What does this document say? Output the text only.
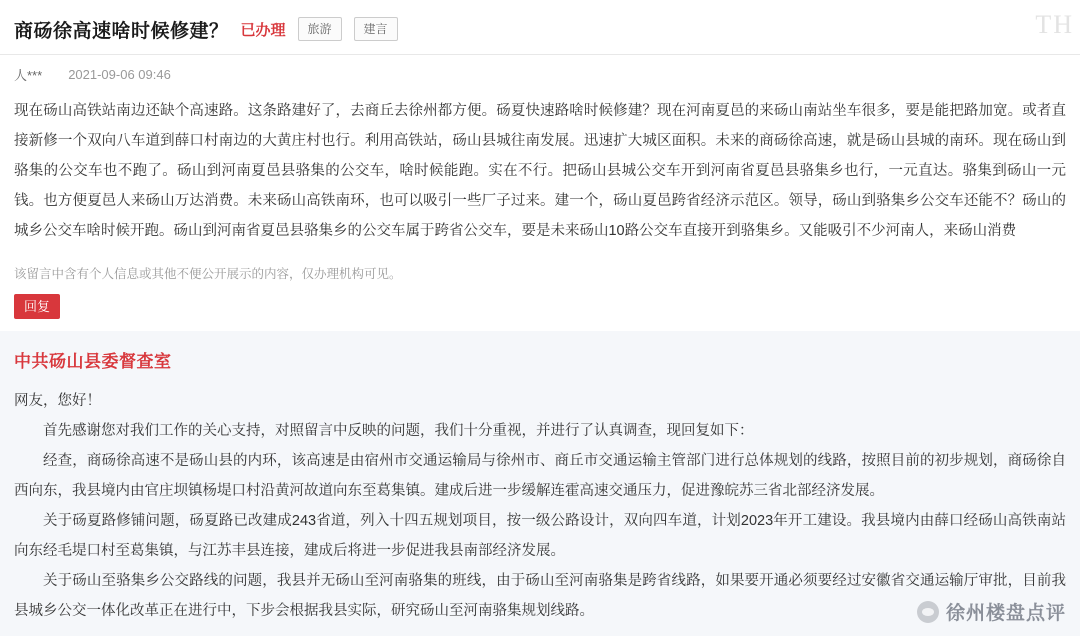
商砀徐高速啥时候修建？ 已办理	旅游	建言	TH
人*** 2021-09-06 09:46

现在砀山高铁站南边还缺个高速路。这条路建好了，去商丘去徐州都方便。砀夏快速路啥时候修建？现在河南夏邑的来砀山南站坐车很多，要是能把路加宽。或者直接新修一个双向八车道到薛口村南边的大黄庄村也行。利用高铁站，砀山县城往南发展。迅速扩大城区面积。未来的商砀徐高速，就是砀山县城的南环。现在砀山到骆集的公交车也不跑了。砀山到河南夏邑县骆集的公交车，啥时候能跑。实在不行。把砀山县城公交车开到河南省夏邑县骆集乡也行，一元直达。骆集到砀山一元钱。也方便夏邑人来砀山万达消费。未来砀山高铁南环，也可以吸引一些厂子过来。建一个，砀山夏邑跨省经济示范区。领导，砀山到骆集乡公交车还能不？砀山的城乡公交车啥时候开跑。砀山到河南省夏邑县骆集乡的公交车属于跨省公交车，要是未来砀山10路公交车直接开到骆集乡。又能吸引不少河南人，来砀山消费

该留言中含有个人信息或其他不便公开展示的内容，仅办理机构可见。
回复
中共砀山县委督查室

网友，您好！

首先感谢您对我们工作的关心支持，对照留言中反映的问题，我们十分重视，并进行了认真调查，现回复如下：

经查，商砀徐高速不是砀山县的内环，该高速是由宿州市交通运输局与徐州市、商丘市交通运输主管部门进行总体规划的线路，按照目前的初步规划，商砀徐自西向东，我县境内由官庄坝镇杨堤口村沿黄河故道向东至葛集镇。建成后进一步缓解连霍高速交通压力，促进豫皖苏三省北部经济发展。

关于砀夏路修铺问题，砀夏路已改建成243省道，列入十四五规划项目，按一级公路设计，双向四车道，计划2023年开工建设。我县境内由薛口经砀山高铁南站向东经毛堤口村至葛集镇，与江苏丰县连接，建成后将进一步促进我县南部经济发展。

关于砀山至骆集乡公交路线的问题，我县并无砀山至河南骆集的班线，由于砀山至河南骆集是跨省线路，如果要开通必须要经过安徽省交通运输厅审批，目前我县城乡公交一体化改革正在进行中，下步会根据我县实际，研究砀山至河南骆集规划线路。	徐州楼盘点评
